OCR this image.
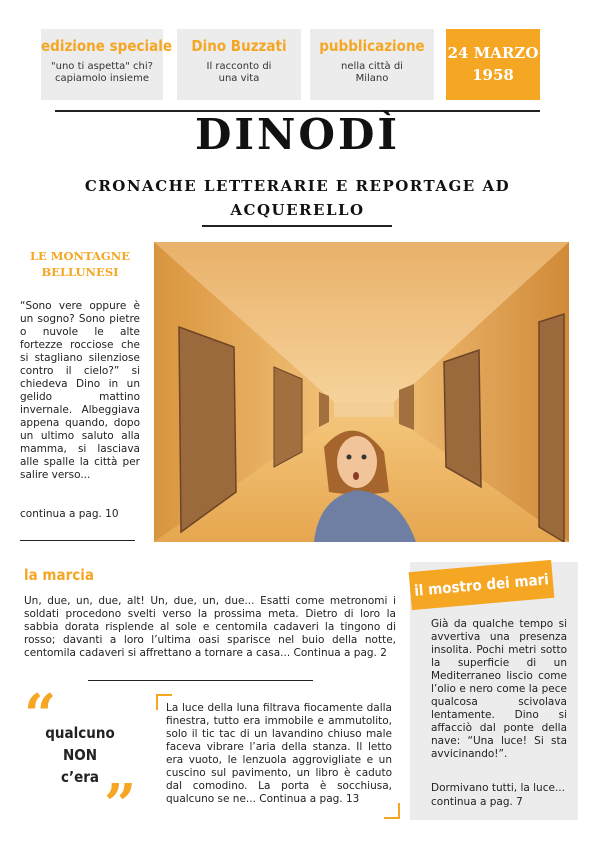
edizione speciale
"uno ti aspetta" chi?
capiamolo insieme
Dino Buzzati
Il racconto di
una vita
pubblicazione
nella città di
Milano
24 MARZO
1958
DINODÌ
CRONACHE LETTERARIE E REPORTAGE AD ACQUERELLO
LE MONTAGNE BELLUNESI
“Sono vere oppure è un sogno? Sono pietre o nuvole le alte fortezze rocciose che si stagliano silenziose contro il cielo?” si chiedeva Dino in un gelido mattino invernale. Albeggiava appena quando, dopo un ultimo saluto alla mamma, si lasciava alle spalle la città per salire verso...
continua a pag. 10
la marcia
Un, due, un, due, alt! Un, due, un, due... Esatti come metronomi i soldati procedono svelti verso la prossima meta. Dietro di loro la sabbia dorata risplende al sole e centomila cadaveri la tingono di rosso; davanti a loro l’ultima oasi sparisce nel buio della notte, centomila cadaveri si affrettano a tornare a casa... Continua a pag. 2
il mostro dei mari
Già da qualche tempo si avvertiva una presenza insolita. Pochi metri sotto la superficie di un Mediterraneo liscio come l’olio e nero come la pece qualcosa scivolava lentamente. Dino si affacciò dal ponte della nave: “Una luce! Si sta avvicinando!”.
Dormivano tutti, la luce...
continua a pag. 7
“
qualcuno
NON
c’era ”
La luce della luna filtrava fiocamente dalla finestra, tutto era immobile e ammutolito, solo il tic tac di un lavandino chiuso male faceva vibrare l’aria della stanza. Il letto era vuoto, le lenzuola aggrovigliate e un cuscino sul pavimento, un libro è caduto dal comodino. La porta è socchiusa, qualcuno se ne... Continua a pag. 13
